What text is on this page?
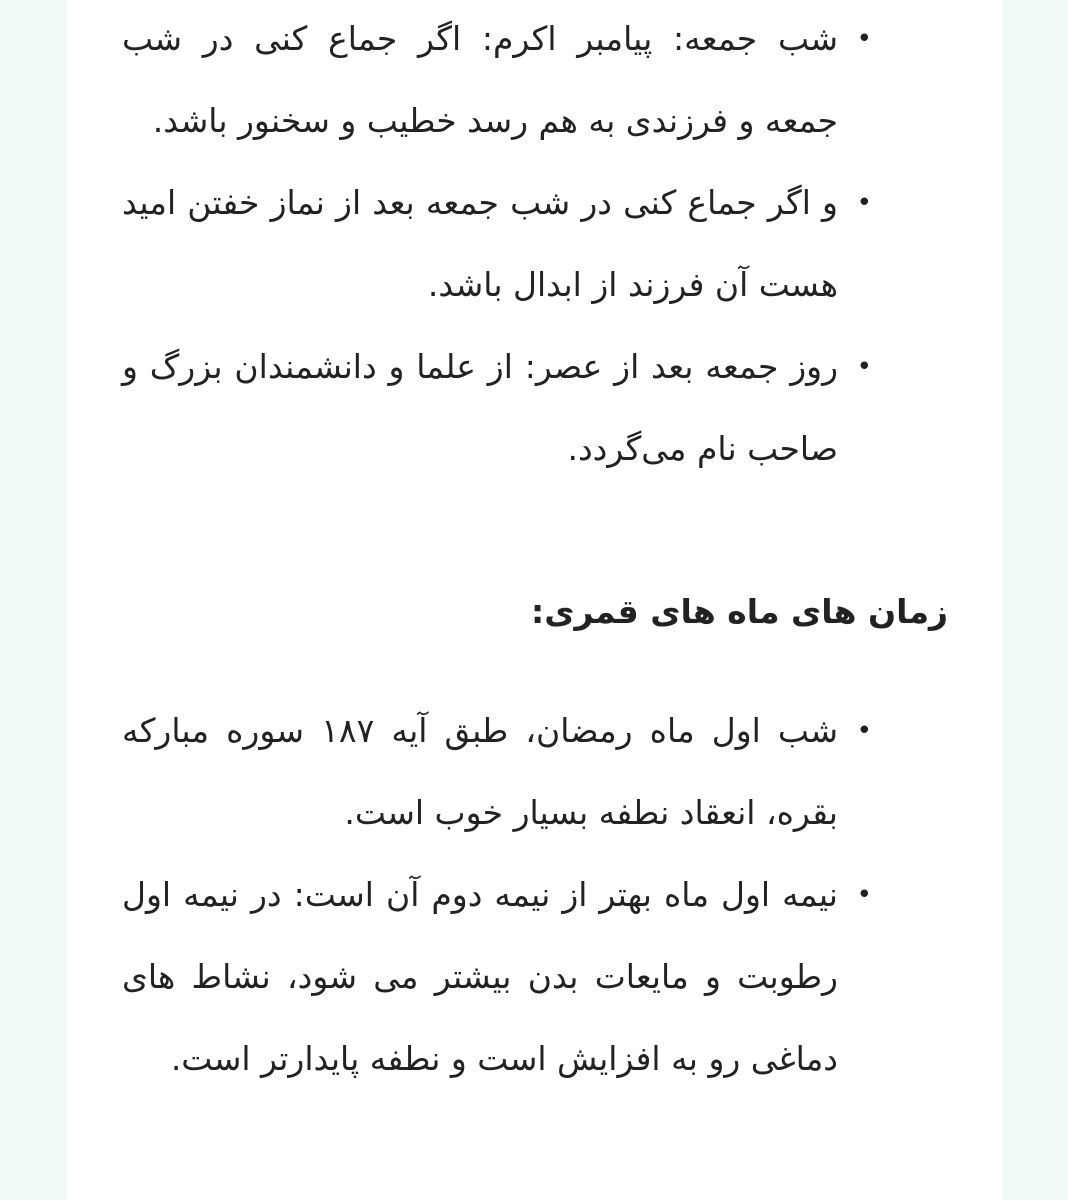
•
شب جمعه: پیامبر اکرم: اگر جماع کنی در شب جمعه و فرزندی به هم رسد خطیب و سخنور باشد.
•
و اگر جماع کنی در شب جمعه بعد از نماز خفتن امید هست آن فرزند از ابدال باشد.
•
روز جمعه بعد از عصر: از علما و دانشمندان بزرگ و صاحب نام می‌گردد.
زمان های ماه های قمری:
•
شب اول ماه رمضان، طبق آیه ۱۸۷ سوره مبارکه بقره، انعقاد نطفه بسیار خوب است.
•
نیمه اول ماه بهتر از نیمه دوم آن است: در نیمه اول رطوبت و مایعات بدن بیشتر می شود، نشاط های دماغی رو به افزایش است و نطفه پایدارتر است.
